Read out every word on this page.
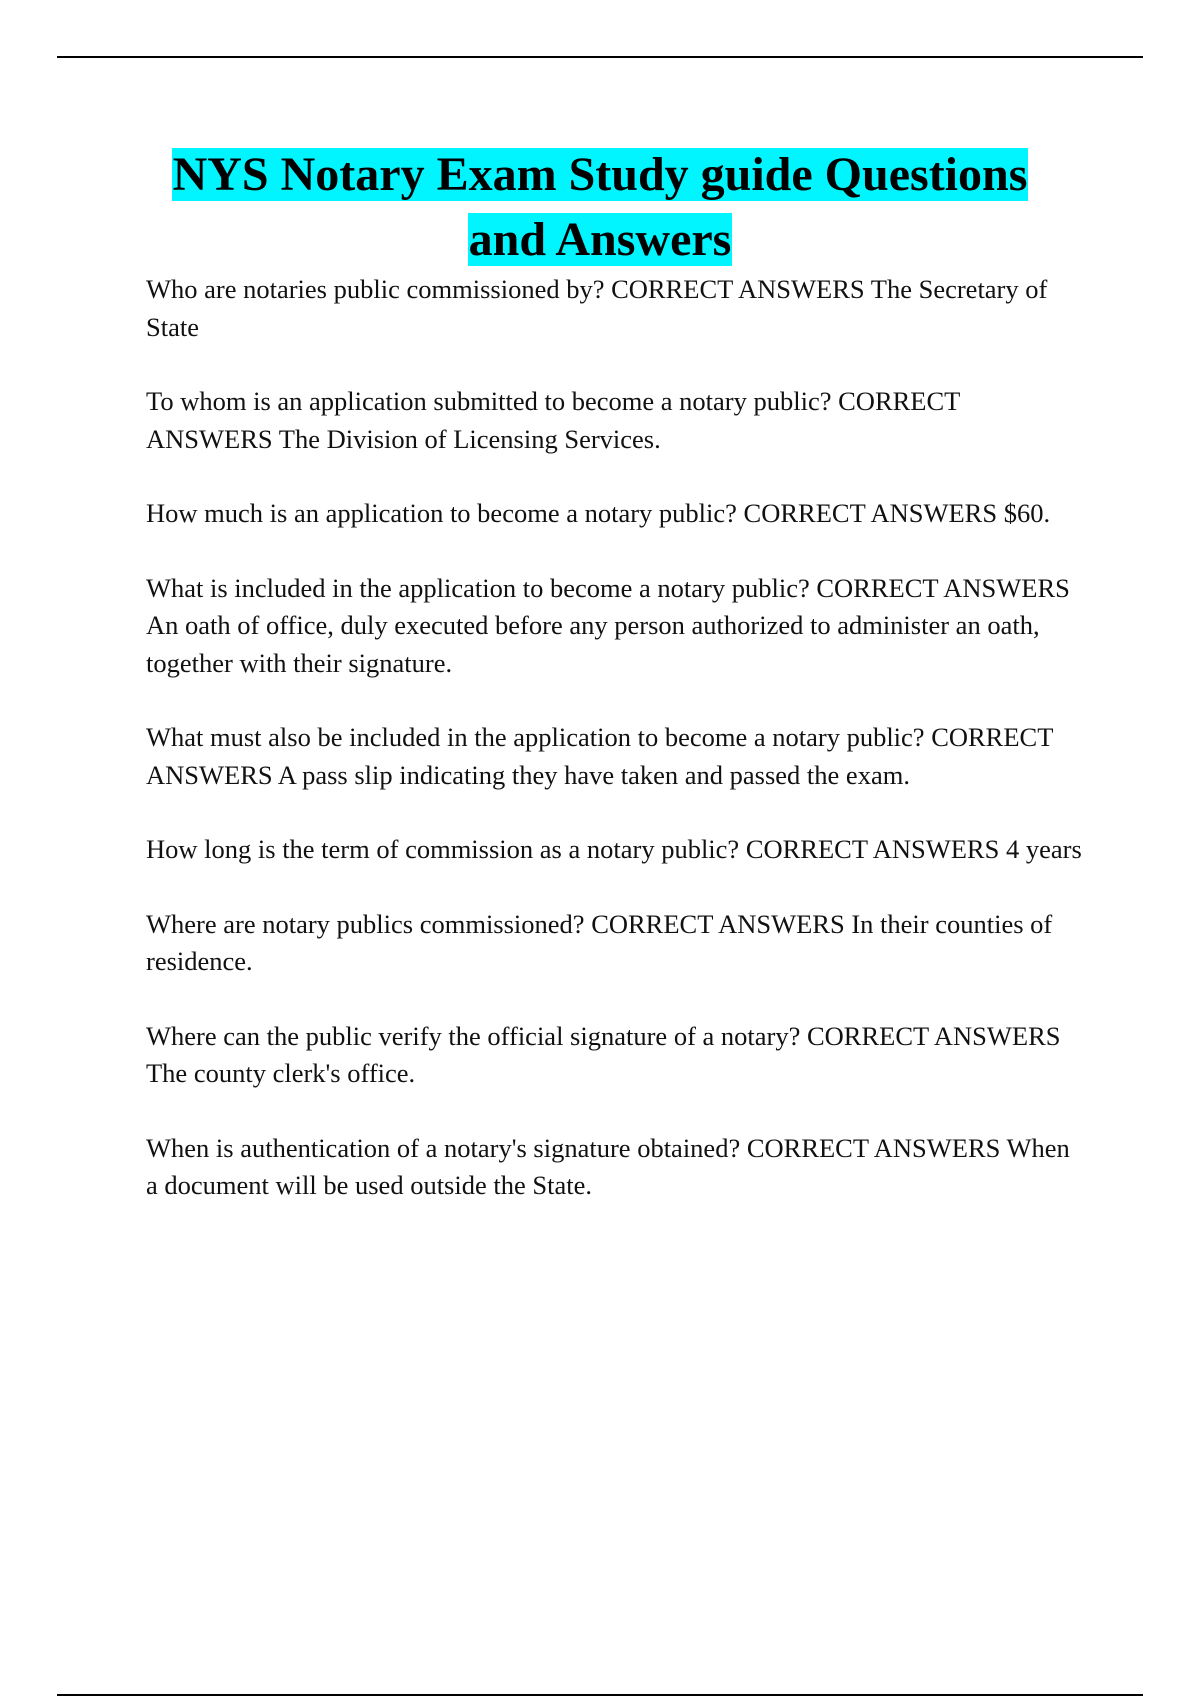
NYS Notary Exam Study guide Questions
and Answers

Who are notaries public commissioned by? CORRECT ANSWERS The Secretary of State

To whom is an application submitted to become a notary public? CORRECT ANSWERS The Division of Licensing Services.

How much is an application to become a notary public? CORRECT ANSWERS $60.

What is included in the application to become a notary public? CORRECT ANSWERS An oath of office, duly executed before any person authorized to administer an oath, together with their signature.

What must also be included in the application to become a notary public? CORRECT ANSWERS A pass slip indicating they have taken and passed the exam.

How long is the term of commission as a notary public? CORRECT ANSWERS 4 years

Where are notary publics commissioned? CORRECT ANSWERS In their counties of residence.

Where can the public verify the official signature of a notary? CORRECT ANSWERS The county clerk's office.

When is authentication of a notary's signature obtained? CORRECT ANSWERS When a document will be used outside the State.
